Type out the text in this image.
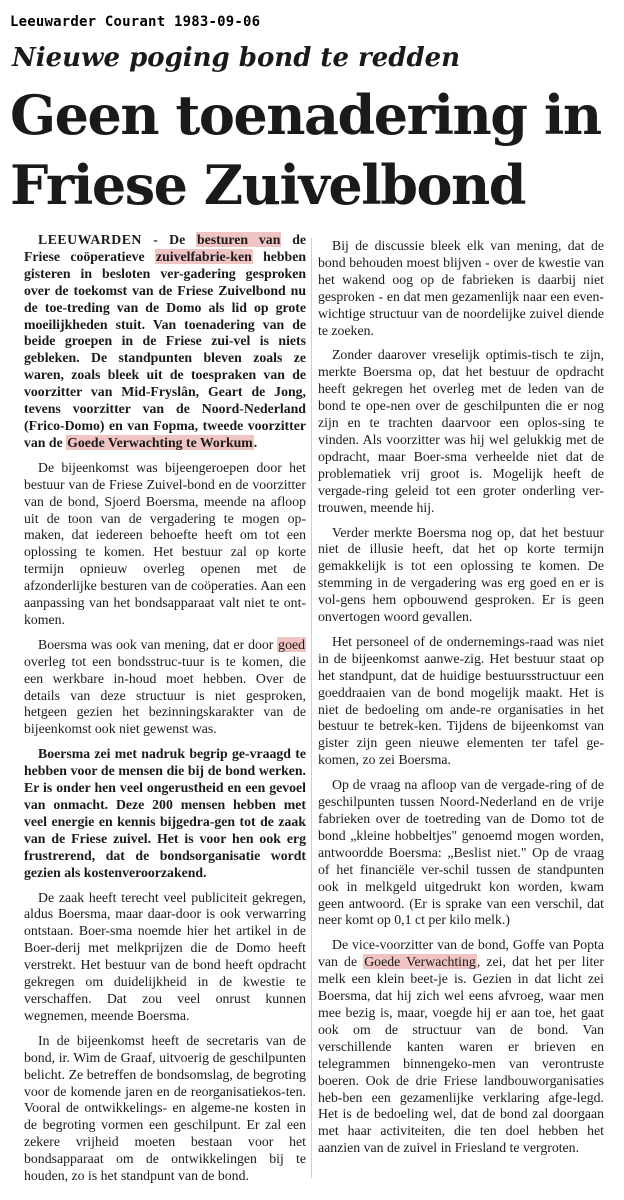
Leeuwarder Courant 1983-09-06
Nieuwe poging bond te redden
Geen toenadering in
Friese Zuivelbond

LEEUWARDEN - De besturen van de Friese coöperatieve zuivelfabrie-ken hebben gisteren in besloten ver-gadering gesproken over de toekomst van de Friese Zuivelbond nu de toe-treding van de Domo als lid op grote moeilijkheden stuit. Van toenadering van de beide groepen in de Friese zui-vel is niets gebleken. De standpunten bleven zoals ze waren, zoals bleek uit de toespraken van de voorzitter van Mid-Fryslân, Geart de Jong, tevens voorzitter van de Noord-Nederland (Frico-Domo) en van Fopma, tweede voorzitter van de Goede Verwachting te Workum.

De bijeenkomst was bijeengeroepen door het bestuur van de Friese Zuivel-bond en de voorzitter van de bond, Sjoerd Boersma, meende na afloop uit de toon van de vergadering te mogen op-maken, dat iedereen behoefte heeft om tot een oplossing te komen. Het bestuur zal op korte termijn opnieuw overleg openen met de afzonderlijke besturen van de coöperaties. Aan een aanpassing van het bondsapparaat valt niet te ont-komen.

Boersma was ook van mening, dat er door goed overleg tot een bondsstruc-tuur is te komen, die een werkbare in-houd moet hebben. Over de details van deze structuur is niet gesproken, hetgeen gezien het bezinningskarakter van de bijeenkomst ook niet gewenst was.

Boersma zei met nadruk begrip ge-vraagd te hebben voor de mensen die bij de bond werken. Er is onder hen veel ongerustheid en een gevoel van onmacht. Deze 200 mensen hebben met veel energie en kennis bijgedra-gen tot de zaak van de Friese zuivel. Het is voor hen ook erg frustrerend, dat de bondsorganisatie wordt gezien als kostenveroorzakend.

De zaak heeft terecht veel publiciteit gekregen, aldus Boersma, maar daar-door is ook verwarring ontstaan. Boer-sma noemde hier het artikel in de Boer-derij met melkprijzen die de Domo heeft verstrekt. Het bestuur van de bond heeft opdracht gekregen om duidelijkheid in de kwestie te verschaffen. Dat zou veel onrust kunnen wegnemen, meende Boersma.

In de bijeenkomst heeft de secretaris van de bond, ir. Wim de Graaf, uitvoerig de geschilpunten belicht. Ze betreffen de bondsomslag, de begroting voor de komende jaren en de reorganisatiekos-ten. Vooral de ontwikkelings- en algeme-ne kosten in de begroting vormen een geschilpunt. Er zal een zekere vrijheid moeten bestaan voor het bondsapparaat om de ontwikkelingen bij te houden, zo is het standpunt van de bond.

Bij de discussie bleek elk van mening, dat de bond behouden moest blijven - over de kwestie van het wakend oog op de fabrieken is daarbij niet gesproken - en dat men gezamenlijk naar een even-wichtige structuur van de noordelijke zuivel diende te zoeken.

Zonder daarover vreselijk optimis-tisch te zijn, merkte Boersma op, dat het bestuur de opdracht heeft gekregen het overleg met de leden van de bond te ope-nen over de geschilpunten die er nog zijn en te trachten daarvoor een oplos-sing te vinden. Als voorzitter was hij wel gelukkig met de opdracht, maar Boer-sma verheelde niet dat de problematiek vrij groot is. Mogelijk heeft de vergade-ring geleid tot een groter onderling ver-trouwen, meende hij.

Verder merkte Boersma nog op, dat het bestuur niet de illusie heeft, dat het op korte termijn gemakkelijk is tot een oplossing te komen. De stemming in de vergadering was erg goed en er is vol-gens hem opbouwend gesproken. Er is geen onvertogen woord gevallen.

Het personeel of de ondernemings-raad was niet in de bijeenkomst aanwe-zig. Het bestuur staat op het standpunt, dat de huidige bestuursstructuur een goeddraaien van de bond mogelijk maakt. Het is niet de bedoeling om ande-re organisaties in het bestuur te betrek-ken. Tijdens de bijeenkomst van gister zijn geen nieuwe elementen ter tafel ge-komen, zo zei Boersma.

Op de vraag na afloop van de vergade-ring of de geschilpunten tussen Noord-Nederland en de vrije fabrieken over de toetreding van de Domo tot de bond „kleine hobbeltjes" genoemd mogen worden, antwoordde Boersma: „Beslist niet." Op de vraag of het financiële ver-schil tussen de standpunten ook in melkgeld uitgedrukt kon worden, kwam geen antwoord. (Er is sprake van een verschil, dat neer komt op 0,1 ct per kilo melk.)

De vice-voorzitter van de bond, Goffe van Popta van de Goede Verwachting, zei, dat het per liter melk een klein beet-je is. Gezien in dat licht zei Boersma, dat hij zich wel eens afvroeg, waar men mee bezig is, maar, voegde hij er aan toe, het gaat ook om de structuur van de bond. Van verschillende kanten waren er brieven en telegrammen binnengeko-men van verontruste boeren. Ook de drie Friese landbouworganisaties heb-ben een gezamenlijke verklaring afge-legd. Het is de bedoeling wel, dat de bond zal doorgaan met haar activiteiten, die ten doel hebben het aanzien van de zuivel in Friesland te vergroten.
